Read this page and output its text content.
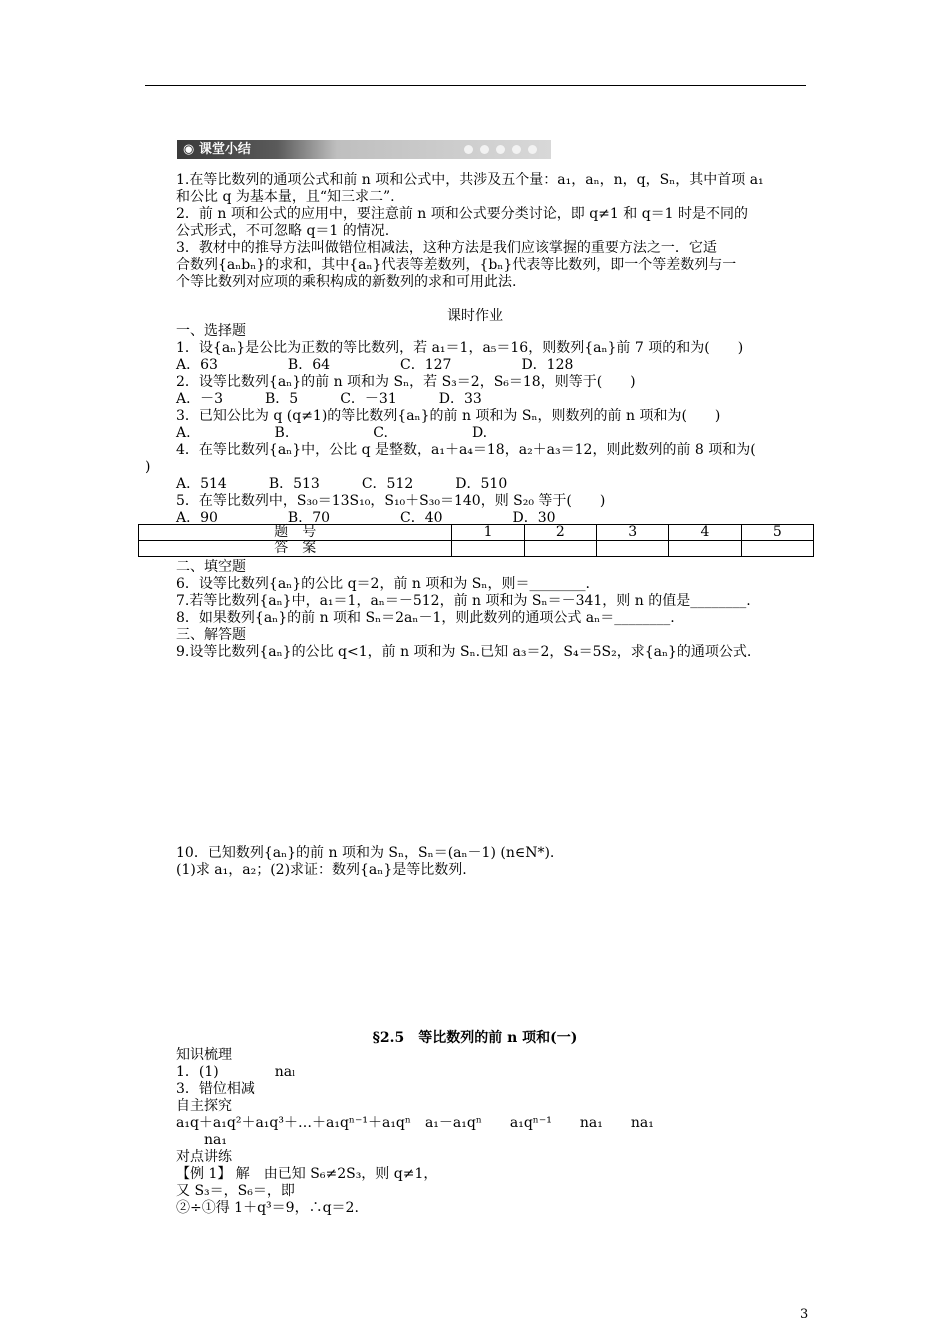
◉ 课堂小结
1.在等比数列的通项公式和前 n 项和公式中，共涉及五个量：a₁，aₙ，n，q，Sₙ，其中首项 a₁
和公比 q 为基本量，且“知三求二”.
2．前 n 项和公式的应用中，要注意前 n 项和公式要分类讨论，即 q≠1 和 q＝1 时是不同的
公式形式，不可忽略 q＝1 的情况.
3．教材中的推导方法叫做错位相减法，这种方法是我们应该掌握的重要方法之一．它适
合数列{aₙbₙ}的求和，其中{aₙ}代表等差数列，{bₙ}代表等比数列，即一个等差数列与一
个等比数列对应项的乘积构成的新数列的求和可用此法.
课时作业
一、选择题
1．设{aₙ}是公比为正数的等比数列，若 a₁＝1，a₅＝16，则数列{aₙ}前 7 项的和为(　　)
A．63　　　　　B．64　　　　　C．127　　　　　D．128
2．设等比数列{aₙ}的前 n 项和为 Sₙ，若 S₃＝2，S₆＝18，则等于(　　)
A．－3　　　B．5　　　C．－31　　　D．33
3．已知公比为 q (q≠1)的等比数列{aₙ}的前 n 项和为 Sₙ，则数列的前 n 项和为(　　)
A.　　　　　　B.　　　　　　C.　　　　　　D.
4．在等比数列{aₙ}中，公比 q 是整数，a₁＋a₄＝18，a₂＋a₃＝12，则此数列的前 8 项和为(
)
A．514　　　B．513　　　C．512　　　D．510
5．在等比数列中，S₃₀＝13S₁₀，S₁₀＋S₃₀＝140，则 S₂₀ 等于(　　)
A．90　　　　　B．70　　　　　C．40　　　　　D．30
题　号	1	2	3	4	5
答　案					
二、填空题
6．设等比数列{aₙ}的公比 q＝2，前 n 项和为 Sₙ，则＝________.
7.若等比数列{aₙ}中，a₁＝1，aₙ＝－512，前 n 项和为 Sₙ＝－341，则 n 的值是________.
8．如果数列{aₙ}的前 n 项和 Sₙ＝2aₙ－1，则此数列的通项公式 aₙ＝________.
三、解答题
9.设等比数列{aₙ}的公比 q<1，前 n 项和为 Sₙ.已知 a₃＝2，S₄＝5S₂，求{aₙ}的通项公式.
10．已知数列{aₙ}的前 n 项和为 Sₙ，Sₙ＝(aₙ－1) (n∈N*).
(1)求 a₁，a₂；(2)求证：数列{aₙ}是等比数列.
§2.5　等比数列的前 n 项和(一)
知识梳理
1．(1)　　　　naₗ
3．错位相减
自主探究
a₁q＋a₁q²＋a₁q³＋…＋a₁qⁿ⁻¹＋a₁qⁿ　a₁－a₁qⁿ　　a₁qⁿ⁻¹　　na₁　　na₁
　　na₁
对点讲练
【例 1】 解　由已知 S₆≠2S₃，则 q≠1，
又 S₃＝，S₆＝，即
②÷①得 1＋q³＝9，∴q＝2.
3
